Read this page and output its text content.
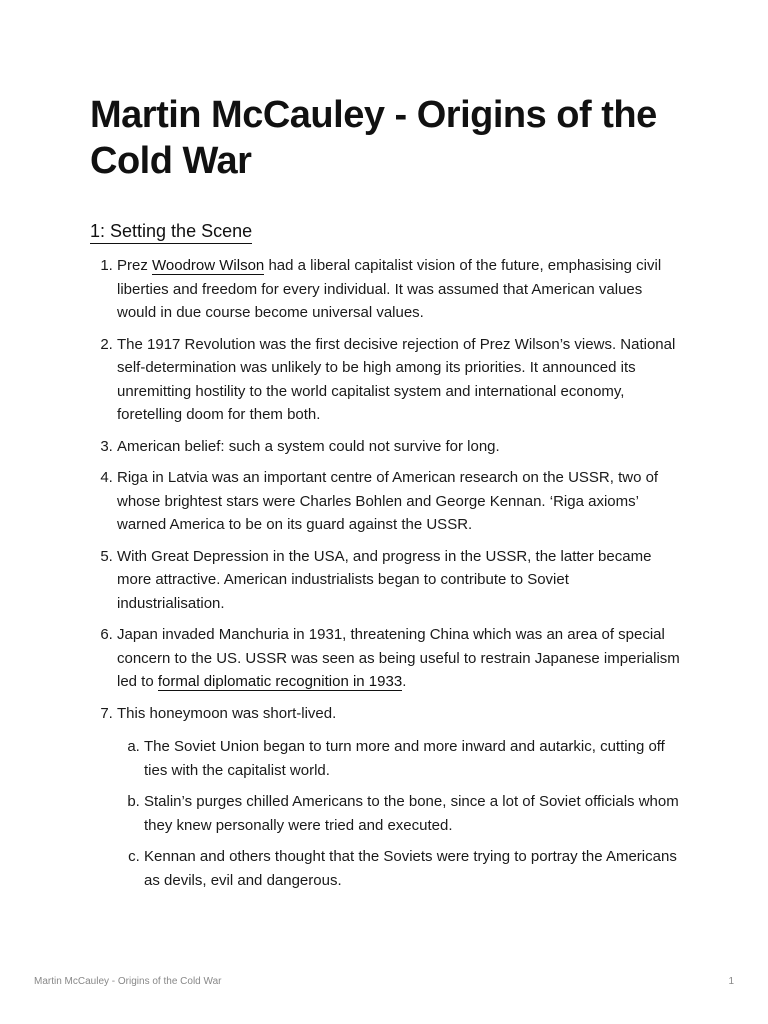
Martin McCauley - Origins of the Cold War
1: Setting the Scene
1. Prez Woodrow Wilson had a liberal capitalist vision of the future, emphasising civil liberties and freedom for every individual. It was assumed that American values would in due course become universal values.
2. The 1917 Revolution was the first decisive rejection of Prez Wilson’s views. National self-determination was unlikely to be high among its priorities. It announced its unremitting hostility to the world capitalist system and international economy, foretelling doom for them both.
3. American belief: such a system could not survive for long.
4. Riga in Latvia was an important centre of American research on the USSR, two of whose brightest stars were Charles Bohlen and George Kennan. ‘Riga axioms’ warned America to be on its guard against the USSR.
5. With Great Depression in the USA, and progress in the USSR, the latter became more attractive. American industrialists began to contribute to Soviet industrialisation.
6. Japan invaded Manchuria in 1931, threatening China which was an area of special concern to the US. USSR was seen as being useful to restrain Japanese imperialism led to formal diplomatic recognition in 1933.
7. This honeymoon was short-lived.
a. The Soviet Union began to turn more and more inward and autarkic, cutting off ties with the capitalist world.
b. Stalin’s purges chilled Americans to the bone, since a lot of Soviet officials whom they knew personally were tried and executed.
c. Kennan and others thought that the Soviets were trying to portray the Americans as devils, evil and dangerous.
Martin McCauley - Origins of the Cold War	1
